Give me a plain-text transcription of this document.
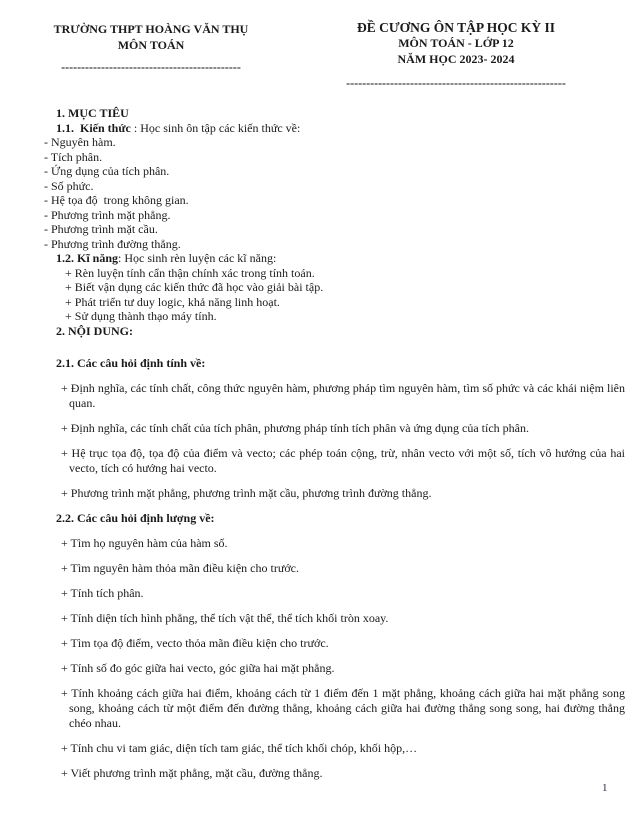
TRƯỜNG THPT HOÀNG VĂN THỤ
MÔN TOÁN
---------------------------------------------
ĐỀ CƯƠNG ÔN TẬP HỌC KỲ II
MÔN TOÁN - LỚP 12
NĂM HỌC 2023- 2024
-------------------------------------------------------
1. MỤC TIÊU
1.1.  Kiến thức : Học sinh ôn tập các kiến thức về:
- Nguyên hàm.
- Tích phân.
- Ứng dụng của tích phân.
- Số phức.
- Hệ tọa độ  trong không gian.
- Phương trình mặt phẳng.
- Phương trình mặt cầu.
- Phương trình đường thẳng.
1.2. Kĩ năng: Học sinh rèn luyện các kĩ năng:
+ Rèn luyện tính cẩn thận chính xác trong tính toán.
+ Biết vận dụng các kiến thức đã học vào giải bài tập.
+ Phát triển tư duy logic, khả năng linh hoạt.
+ Sử dụng thành thạo máy tính.
2. NỘI DUNG:
2.1. Các câu hỏi định tính về:

+ Định nghĩa, các tính chất, công thức nguyên hàm, phương pháp tìm nguyên hàm, tìm số phức và các khái niệm liên quan.

+ Định nghĩa, các tính chất của tích phân, phương pháp tính tích phân và ứng dụng của tích phân.

+ Hệ trục tọa độ, tọa độ của điểm và vecto; các phép toán cộng, trừ, nhân vecto với một số, tích vô hướng của hai vecto, tích có hướng hai vecto.

+ Phương trình mặt phẳng, phương trình mặt cầu, phương trình đường thẳng.

2.2. Các câu hỏi định lượng về:

+ Tìm họ nguyên hàm của hàm số.

+ Tìm nguyên hàm thỏa mãn điều kiện cho trước.

+ Tính tích phân.

+ Tính diện tích hình phẳng, thể tích vật thể, thể tích khối tròn xoay.

+ Tìm tọa độ điểm, vecto thỏa mãn điều kiện cho trước.

+ Tính số đo góc giữa hai vecto, góc giữa hai mặt phẳng.

+ Tính khoảng cách giữa hai điểm, khoảng cách từ 1 điểm đến 1 mặt phẳng, khoảng cách giữa hai mặt phẳng song song, khoảng cách từ một điểm đến đường thẳng, khoảng cách giữa hai đường thẳng song song, hai đường thẳng chéo nhau.

+ Tính chu vi tam giác, diện tích tam giác, thể tích khối chóp, khối hộp,…

+ Viết phương trình mặt phẳng, mặt cầu, đường thẳng.

1
